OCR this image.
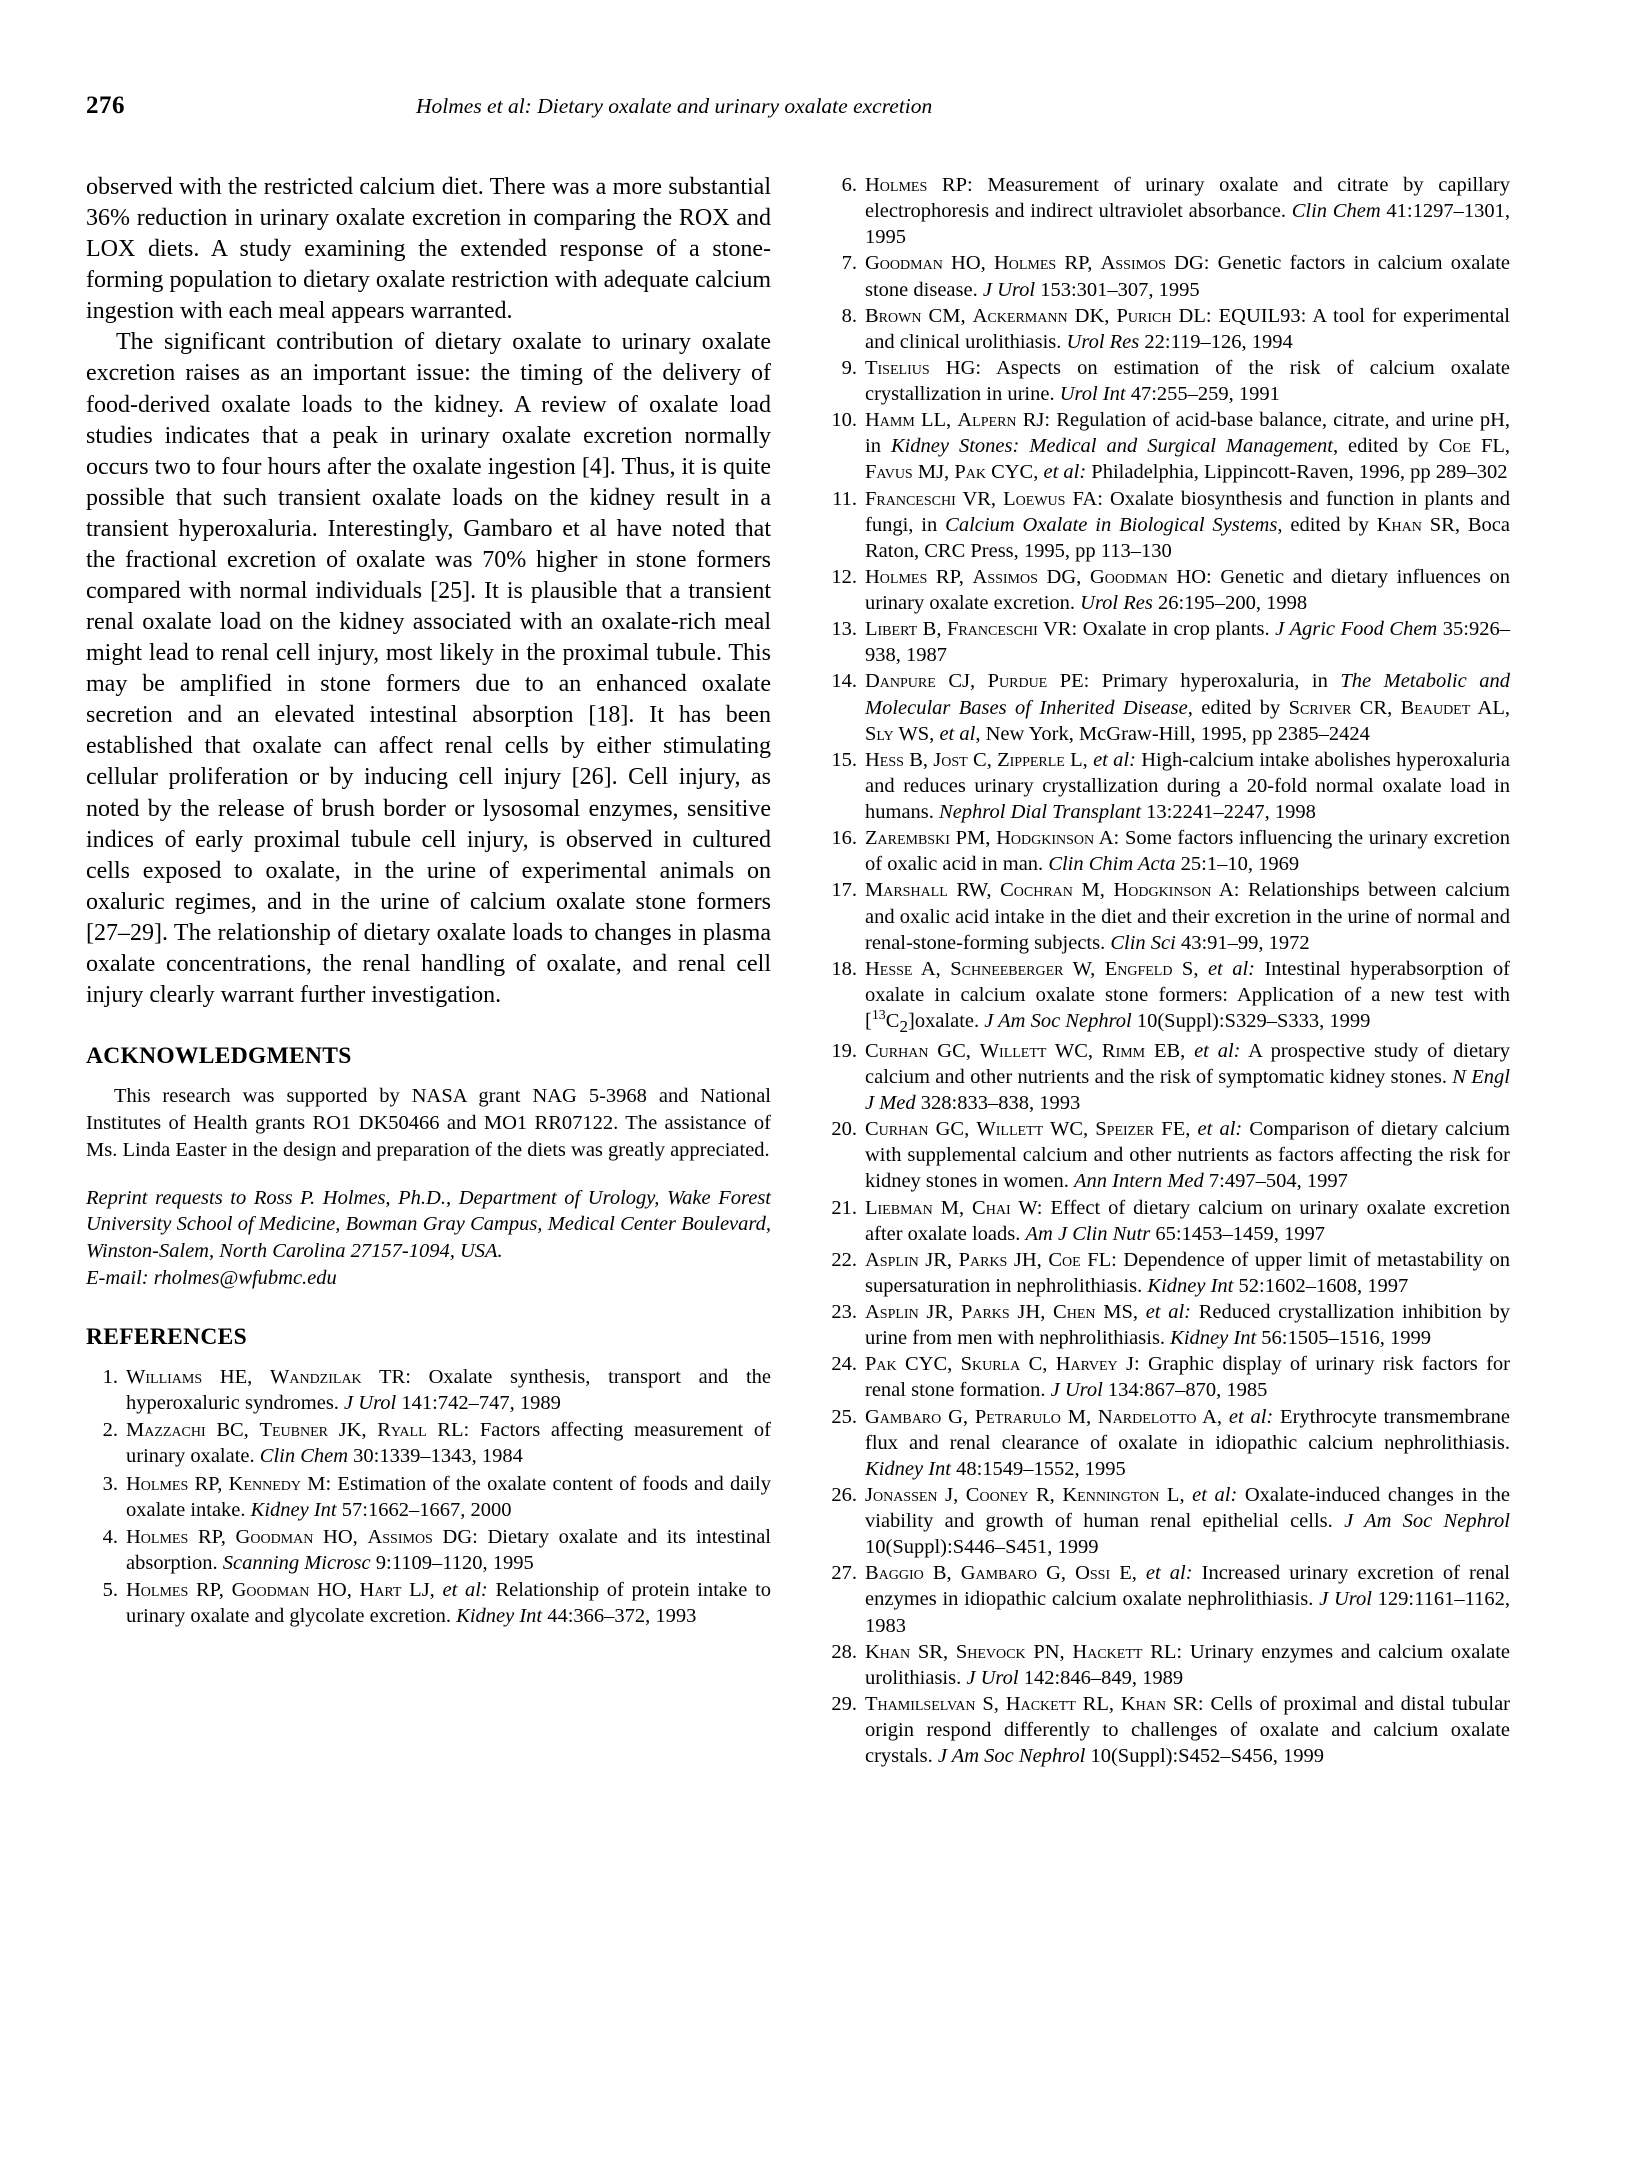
276	Holmes et al: Dietary oxalate and urinary oxalate excretion

observed with the restricted calcium diet. There was a more substantial 36% reduction in urinary oxalate excretion in comparing the ROX and LOX diets. A study examining the extended response of a stone-forming population to dietary oxalate restriction with adequate calcium ingestion with each meal appears warranted.

The significant contribution of dietary oxalate to urinary oxalate excretion raises as an important issue: the timing of the delivery of food-derived oxalate loads to the kidney. A review of oxalate load studies indicates that a peak in urinary oxalate excretion normally occurs two to four hours after the oxalate ingestion [4]. Thus, it is quite possible that such transient oxalate loads on the kidney result in a transient hyperoxaluria. Interestingly, Gambaro et al have noted that the fractional excretion of oxalate was 70% higher in stone formers compared with normal individuals [25]. It is plausible that a transient renal oxalate load on the kidney associated with an oxalate-rich meal might lead to renal cell injury, most likely in the proximal tubule. This may be amplified in stone formers due to an enhanced oxalate secretion and an elevated intestinal absorption [18]. It has been established that oxalate can affect renal cells by either stimulating cellular proliferation or by inducing cell injury [26]. Cell injury, as noted by the release of brush border or lysosomal enzymes, sensitive indices of early proximal tubule cell injury, is observed in cultured cells exposed to oxalate, in the urine of experimental animals on oxaluric regimes, and in the urine of calcium oxalate stone formers [27–29]. The relationship of dietary oxalate loads to changes in plasma oxalate concentrations, the renal handling of oxalate, and renal cell injury clearly warrant further investigation.

ACKNOWLEDGMENTS

This research was supported by NASA grant NAG 5-3968 and National Institutes of Health grants RO1 DK50466 and MO1 RR07122. The assistance of Ms. Linda Easter in the design and preparation of the diets was greatly appreciated.

Reprint requests to Ross P. Holmes, Ph.D., Department of Urology, Wake Forest University School of Medicine, Bowman Gray Campus, Medical Center Boulevard, Winston-Salem, North Carolina 27157-1094, USA.
E-mail: rholmes@wfubmc.edu
REFERENCES
1. Williams HE, Wandzilak TR: Oxalate synthesis, transport and the hyperoxaluric syndromes. J Urol 141:742–747, 1989
2. Mazzachi BC, Teubner JK, Ryall RL: Factors affecting measurement of urinary oxalate. Clin Chem 30:1339–1343, 1984
3. Holmes RP, Kennedy M: Estimation of the oxalate content of foods and daily oxalate intake. Kidney Int 57:1662–1667, 2000
4. Holmes RP, Goodman HO, Assimos DG: Dietary oxalate and its intestinal absorption. Scanning Microsc 9:1109–1120, 1995
5. Holmes RP, Goodman HO, Hart LJ, et al: Relationship of protein intake to urinary oxalate and glycolate excretion. Kidney Int 44:366–372, 1993
6. Holmes RP: Measurement of urinary oxalate and citrate by capillary electrophoresis and indirect ultraviolet absorbance. Clin Chem 41:1297–1301, 1995
7. Goodman HO, Holmes RP, Assimos DG: Genetic factors in calcium oxalate stone disease. J Urol 153:301–307, 1995
8. Brown CM, Ackermann DK, Purich DL: EQUIL93: A tool for experimental and clinical urolithiasis. Urol Res 22:119–126, 1994
9. Tiselius HG: Aspects on estimation of the risk of calcium oxalate crystallization in urine. Urol Int 47:255–259, 1991
10. Hamm LL, Alpern RJ: Regulation of acid-base balance, citrate, and urine pH, in Kidney Stones: Medical and Surgical Management, edited by Coe FL, Favus MJ, Pak CYC, et al: Philadelphia, Lippincott-Raven, 1996, pp 289–302
11. Franceschi VR, Loewus FA: Oxalate biosynthesis and function in plants and fungi, in Calcium Oxalate in Biological Systems, edited by Khan SR, Boca Raton, CRC Press, 1995, pp 113–130
12. Holmes RP, Assimos DG, Goodman HO: Genetic and dietary influences on urinary oxalate excretion. Urol Res 26:195–200, 1998
13. Libert B, Franceschi VR: Oxalate in crop plants. J Agric Food Chem 35:926–938, 1987
14. Danpure CJ, Purdue PE: Primary hyperoxaluria, in The Metabolic and Molecular Bases of Inherited Disease, edited by Scriver CR, Beaudet AL, Sly WS, et al, New York, McGraw-Hill, 1995, pp 2385–2424
15. Hess B, Jost C, Zipperle L, et al: High-calcium intake abolishes hyperoxaluria and reduces urinary crystallization during a 20-fold normal oxalate load in humans. Nephrol Dial Transplant 13:2241–2247, 1998
16. Zarembski PM, Hodgkinson A: Some factors influencing the urinary excretion of oxalic acid in man. Clin Chim Acta 25:1–10, 1969
17. Marshall RW, Cochran M, Hodgkinson A: Relationships between calcium and oxalic acid intake in the diet and their excretion in the urine of normal and renal-stone-forming subjects. Clin Sci 43:91–99, 1972
18. Hesse A, Schneeberger W, Engfeld S, et al: Intestinal hyperabsorption of oxalate in calcium oxalate stone formers: Application of a new test with $[^{13}C_2]oxalate$. J Am Soc Nephrol 10(Suppl):S329–S333, 1999
19. Curhan GC, Willett WC, Rimm EB, et al: A prospective study of dietary calcium and other nutrients and the risk of symptomatic kidney stones. N Engl J Med 328:833–838, 1993
20. Curhan GC, Willett WC, Speizer FE, et al: Comparison of dietary calcium with supplemental calcium and other nutrients as factors affecting the risk for kidney stones in women. Ann Intern Med 7:497–504, 1997
21. Liebman M, Chai W: Effect of dietary calcium on urinary oxalate excretion after oxalate loads. Am J Clin Nutr 65:1453–1459, 1997
22. Asplin JR, Parks JH, Coe FL: Dependence of upper limit of metastability on supersaturation in nephrolithiasis. Kidney Int 52:1602–1608, 1997
23. Asplin JR, Parks JH, Chen MS, et al: Reduced crystallization inhibition by urine from men with nephrolithiasis. Kidney Int 56:1505–1516, 1999
24. Pak CYC, Skurla C, Harvey J: Graphic display of urinary risk factors for renal stone formation. J Urol 134:867–870, 1985
25. Gambaro G, Petrarulo M, Nardelotto A, et al: Erythrocyte transmembrane flux and renal clearance of oxalate in idiopathic calcium nephrolithiasis. Kidney Int 48:1549–1552, 1995
26. Jonassen J, Cooney R, Kennington L, et al: Oxalate-induced changes in the viability and growth of human renal epithelial cells. J Am Soc Nephrol 10(Suppl):S446–S451, 1999
27. Baggio B, Gambaro G, Ossi E, et al: Increased urinary excretion of renal enzymes in idiopathic calcium oxalate nephrolithiasis. J Urol 129:1161–1162, 1983
28. Khan SR, Shevock PN, Hackett RL: Urinary enzymes and calcium oxalate urolithiasis. J Urol 142:846–849, 1989
29. Thamilselvan S, Hackett RL, Khan SR: Cells of proximal and distal tubular origin respond differently to challenges of oxalate and calcium oxalate crystals. J Am Soc Nephrol 10(Suppl):S452–S456, 1999
